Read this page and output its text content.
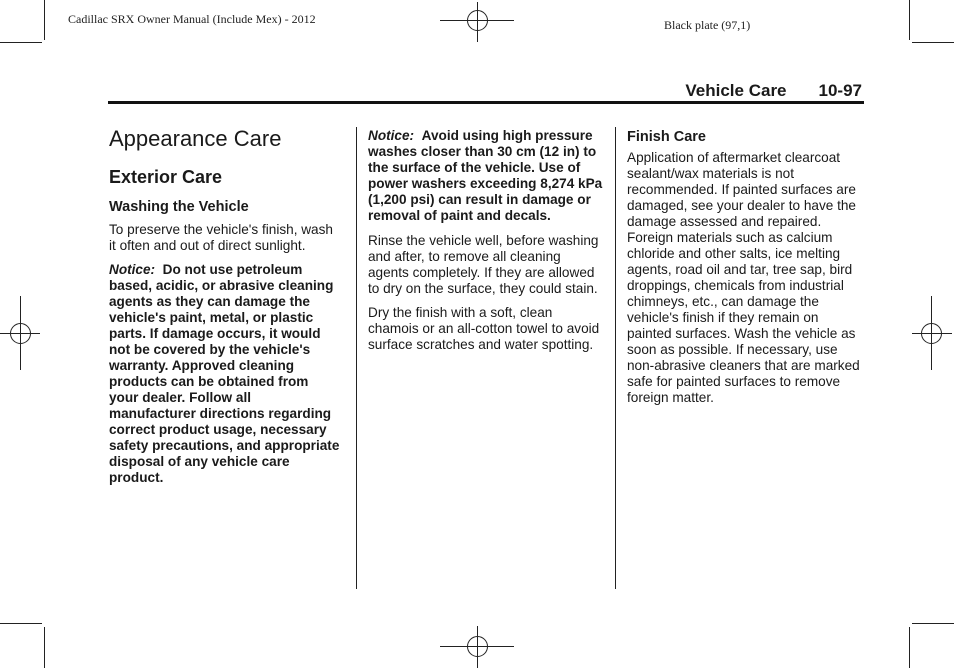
Cadillac SRX Owner Manual (Include Mex) - 2012	Black plate (97,1)
Vehicle Care 10-97
Appearance Care
Exterior Care
Washing the Vehicle

To preserve the vehicle's finish, wash it often and out of direct sunlight.

Notice: Do not use petroleum based, acidic, or abrasive cleaning agents as they can damage the vehicle's paint, metal, or plastic parts. If damage occurs, it would not be covered by the vehicle's warranty. Approved cleaning products can be obtained from your dealer. Follow all manufacturer directions regarding correct product usage, necessary safety precautions, and appropriate disposal of any vehicle care product.

Notice: Avoid using high pressure washes closer than 30 cm (12 in) to the surface of the vehicle. Use of power washers exceeding 8,274 kPa (1,200 psi) can result in damage or removal of paint and decals.

Rinse the vehicle well, before washing and after, to remove all cleaning agents completely. If they are allowed to dry on the surface, they could stain.

Dry the finish with a soft, clean chamois or an all-cotton towel to avoid surface scratches and water spotting.

Finish Care

Application of aftermarket clearcoat sealant/wax materials is not recommended. If painted surfaces are damaged, see your dealer to have the damage assessed and repaired. Foreign materials such as calcium chloride and other salts, ice melting agents, road oil and tar, tree sap, bird droppings, chemicals from industrial chimneys, etc., can damage the vehicle's finish if they remain on painted surfaces. Wash the vehicle as soon as possible. If necessary, use non-abrasive cleaners that are marked safe for painted surfaces to remove foreign matter.
